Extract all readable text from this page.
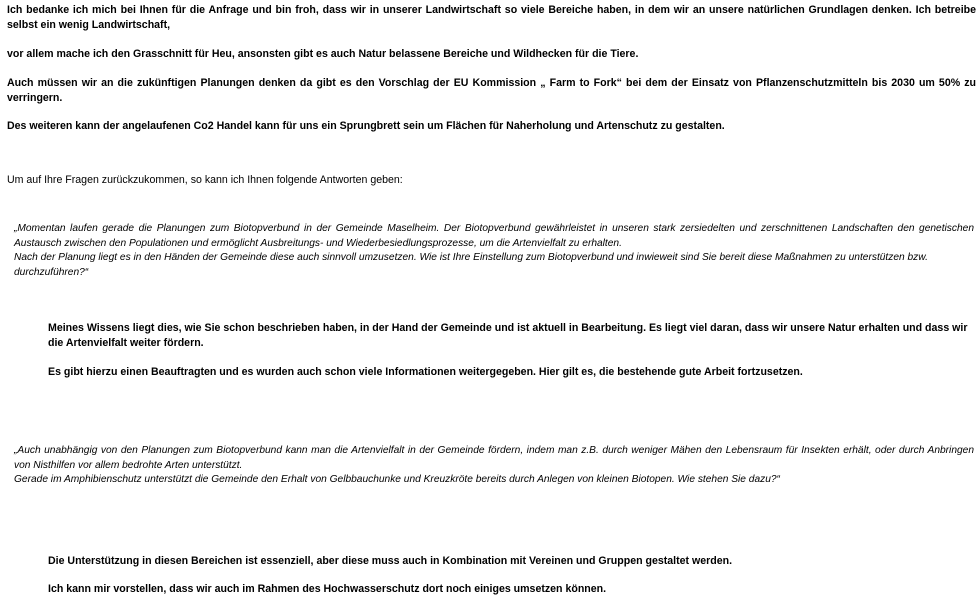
Ich bedanke ich mich bei Ihnen für die Anfrage und bin froh, dass wir in unserer Landwirtschaft so viele Bereiche haben, in dem wir an unsere natürlichen Grundlagen denken. Ich betreibe selbst ein wenig Landwirtschaft,

vor allem mache ich den Grasschnitt für Heu, ansonsten gibt es auch Natur belassene Bereiche und Wildhecken für die Tiere.

Auch müssen wir an die zukünftigen Planungen denken da gibt es den Vorschlag der EU Kommission „ Farm to Fork“ bei dem der Einsatz von Pflanzenschutzmitteln bis 2030 um 50% zu verringern.

Des weiteren kann der angelaufenen Co2 Handel kann für uns ein Sprungbrett sein um Flächen für Naherholung und Artenschutz zu gestalten.

Um auf Ihre Fragen zurückzukommen, so kann ich Ihnen folgende Antworten geben:

„Momentan laufen gerade die Planungen zum Biotopverbund in der Gemeinde Maselheim. Der Biotopverbund gewährleistet in unseren stark zersiedelten und zerschnittenen Landschaften den genetischen Austausch zwischen den Populationen und ermöglicht Ausbreitungs- und Wiederbesiedlungsprozesse, um die Artenvielfalt zu erhalten.
Nach der Planung liegt es in den Händen der Gemeinde diese auch sinnvoll umzusetzen. Wie ist Ihre Einstellung zum Biotopverbund und inwieweit sind Sie bereit diese Maßnahmen zu unterstützen bzw. durchzuführen?“

Meines Wissens liegt dies, wie Sie schon beschrieben haben, in der Hand der Gemeinde und ist aktuell in Bearbeitung. Es liegt viel daran, dass wir unsere Natur erhalten und dass wir die Artenvielfalt weiter fördern.

Es gibt hierzu einen Beauftragten und es wurden auch schon viele Informationen weitergegeben. Hier gilt es, die bestehende gute Arbeit fortzusetzen.

„Auch unabhängig von den Planungen zum Biotopverbund kann man die Artenvielfalt in der Gemeinde fördern, indem man z.B. durch weniger Mähen den Lebensraum für Insekten erhält, oder durch Anbringen von Nisthilfen vor allem bedrohte Arten unterstützt.
Gerade im Amphibienschutz unterstützt die Gemeinde den Erhalt von Gelbbauchunke und Kreuzkröte bereits durch Anlegen von kleinen Biotopen. Wie stehen Sie dazu?“

Die Unterstützung in diesen Bereichen ist essenziell, aber diese muss auch in Kombination mit Vereinen und Gruppen gestaltet werden.

Ich kann mir vorstellen, dass wir auch im Rahmen des Hochwasserschutz dort noch einiges umsetzen können.
